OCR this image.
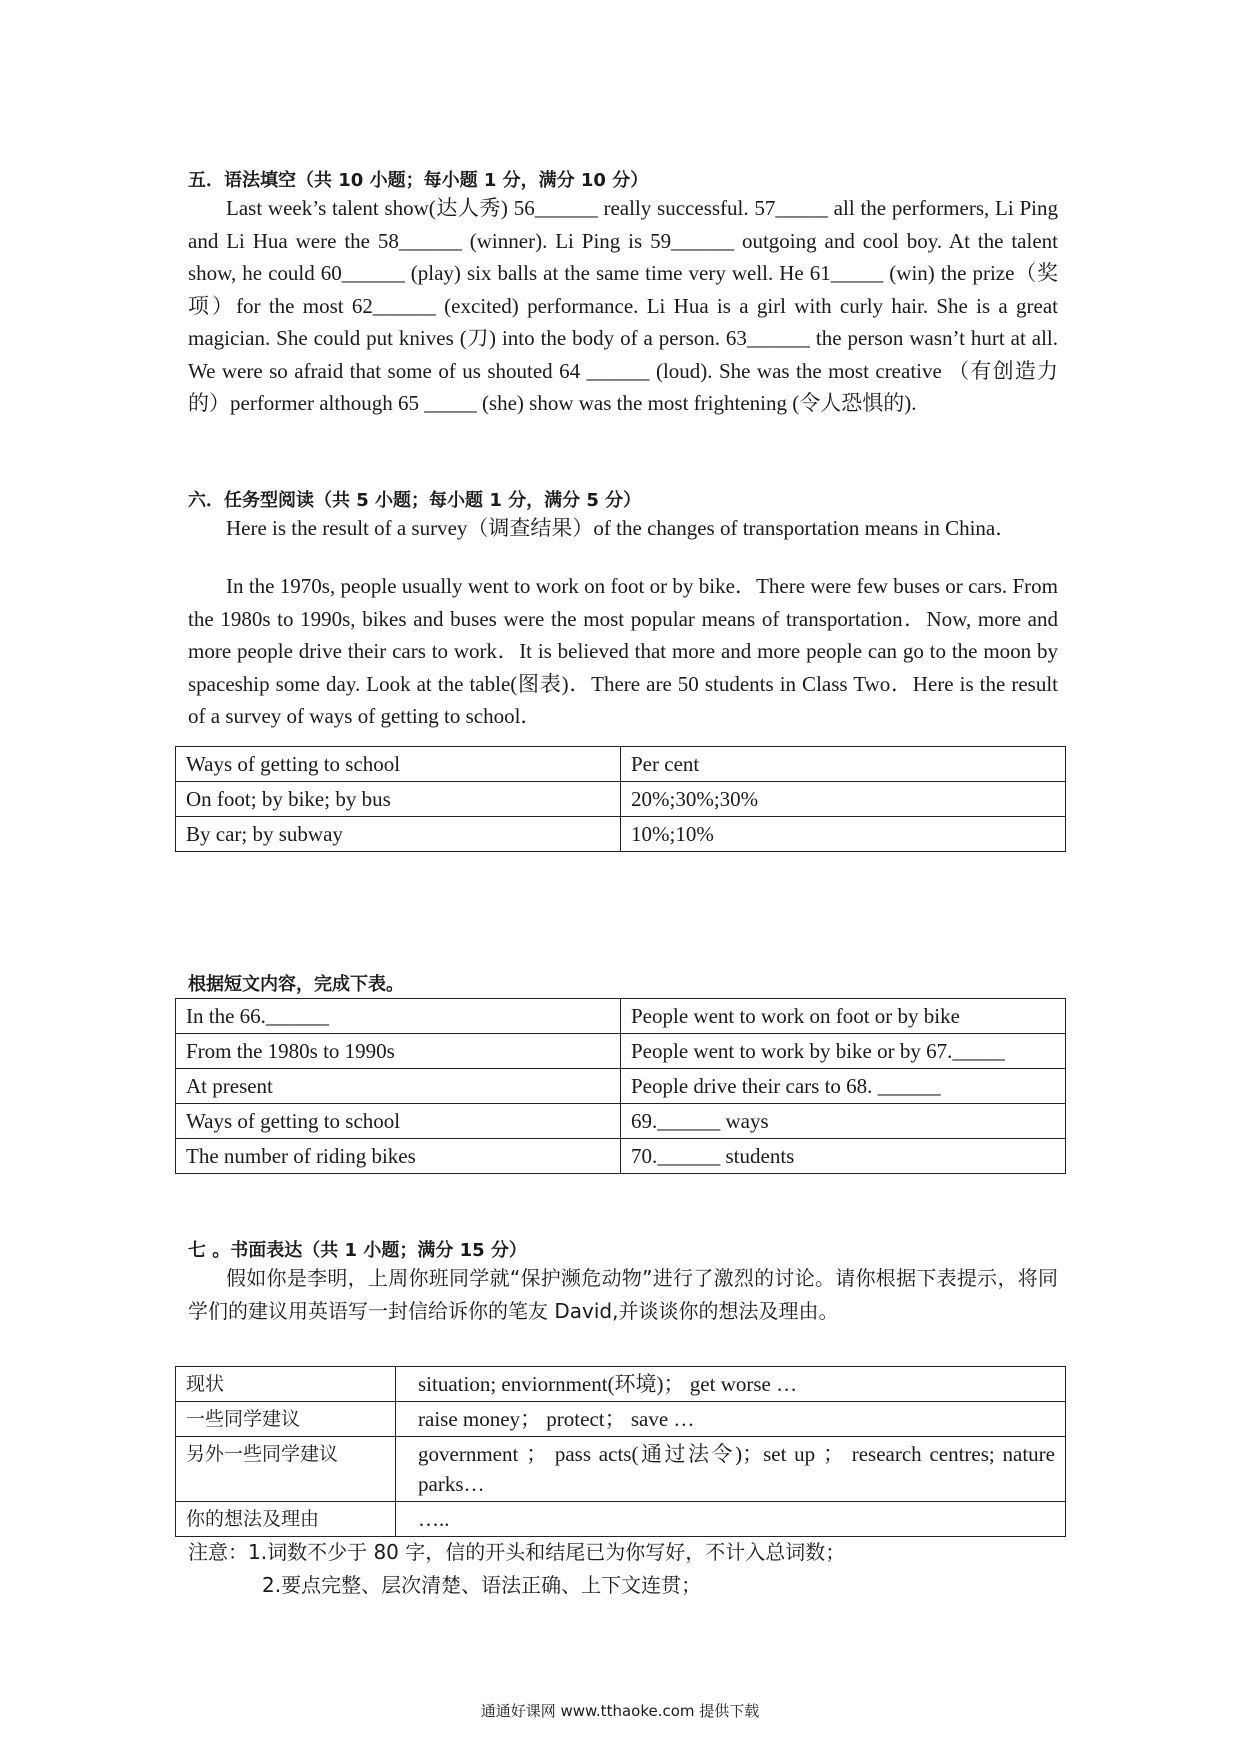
五．语法填空（共 10 小题；每小题 1 分，满分 10 分）

Last week’s talent show(达人秀) 56______ really successful. 57_____ all the performers, Li Ping and Li Hua were the 58______ (winner). Li Ping is 59______ outgoing and cool boy. At the talent show, he could 60______ (play) six balls at the same time very well. He 61_____ (win) the prize（奖项）for the most 62______ (excited) performance. Li Hua is a girl with curly hair. She is a great magician. She could put knives (刀) into the body of a person. 63______ the person wasn’t hurt at all. We were so afraid that some of us shouted 64 ______ (loud). She was the most creative （有创造力的）performer although 65 _____ (she) show was the most frightening (令人恐惧的).

六．任务型阅读（共 5 小题；每小题 1 分，满分 5 分）

Here is the result of a survey（调查结果）of the changes of transportation means in China．

In the 1970s, people usually went to work on foot or by bike．There were few buses or cars. From the 1980s to 1990s, bikes and buses were the most popular means of transportation．Now, more and more people drive their cars to work．It is believed that more and more people can go to the moon by spaceship some day. Look at the table(图表)．There are 50 students in Class Two．Here is the result of a survey of ways of getting to school．

Ways of getting to school	Per cent
On foot; by bike; by bus	20%;30%;30%
By car; by subway	10%;10%

根据短文内容，完成下表。

In the 66.______	People went to work on foot or by bike
From the 1980s to 1990s	People went to work by bike or by 67._____
At present	People drive their cars to 68. ______
Ways of getting to school	69.______ ways
The number of riding bikes	70.______ students

七 。书面表达（共 1 小题；满分 15 分）

假如你是李明，上周你班同学就“保护濒危动物”进行了激烈的讨论。请你根据下表提示，将同学们的建议用英语写一封信给诉你的笔友 David,并谈谈你的想法及理由。

现状	situation; enviornment(环境)； get worse …
一些同学建议	raise money； protect； save …
另外一些同学建议	government ； pass acts(通过法令)；set up ； research centres; nature parks…
你的想法及理由	…..

注意：1.词数不少于 80 字，信的开头和结尾已为你写好，不计入总词数；

2.要点完整、层次清楚、语法正确、上下文连贯；

通通好课网 www.tthaoke.com 提供下载
